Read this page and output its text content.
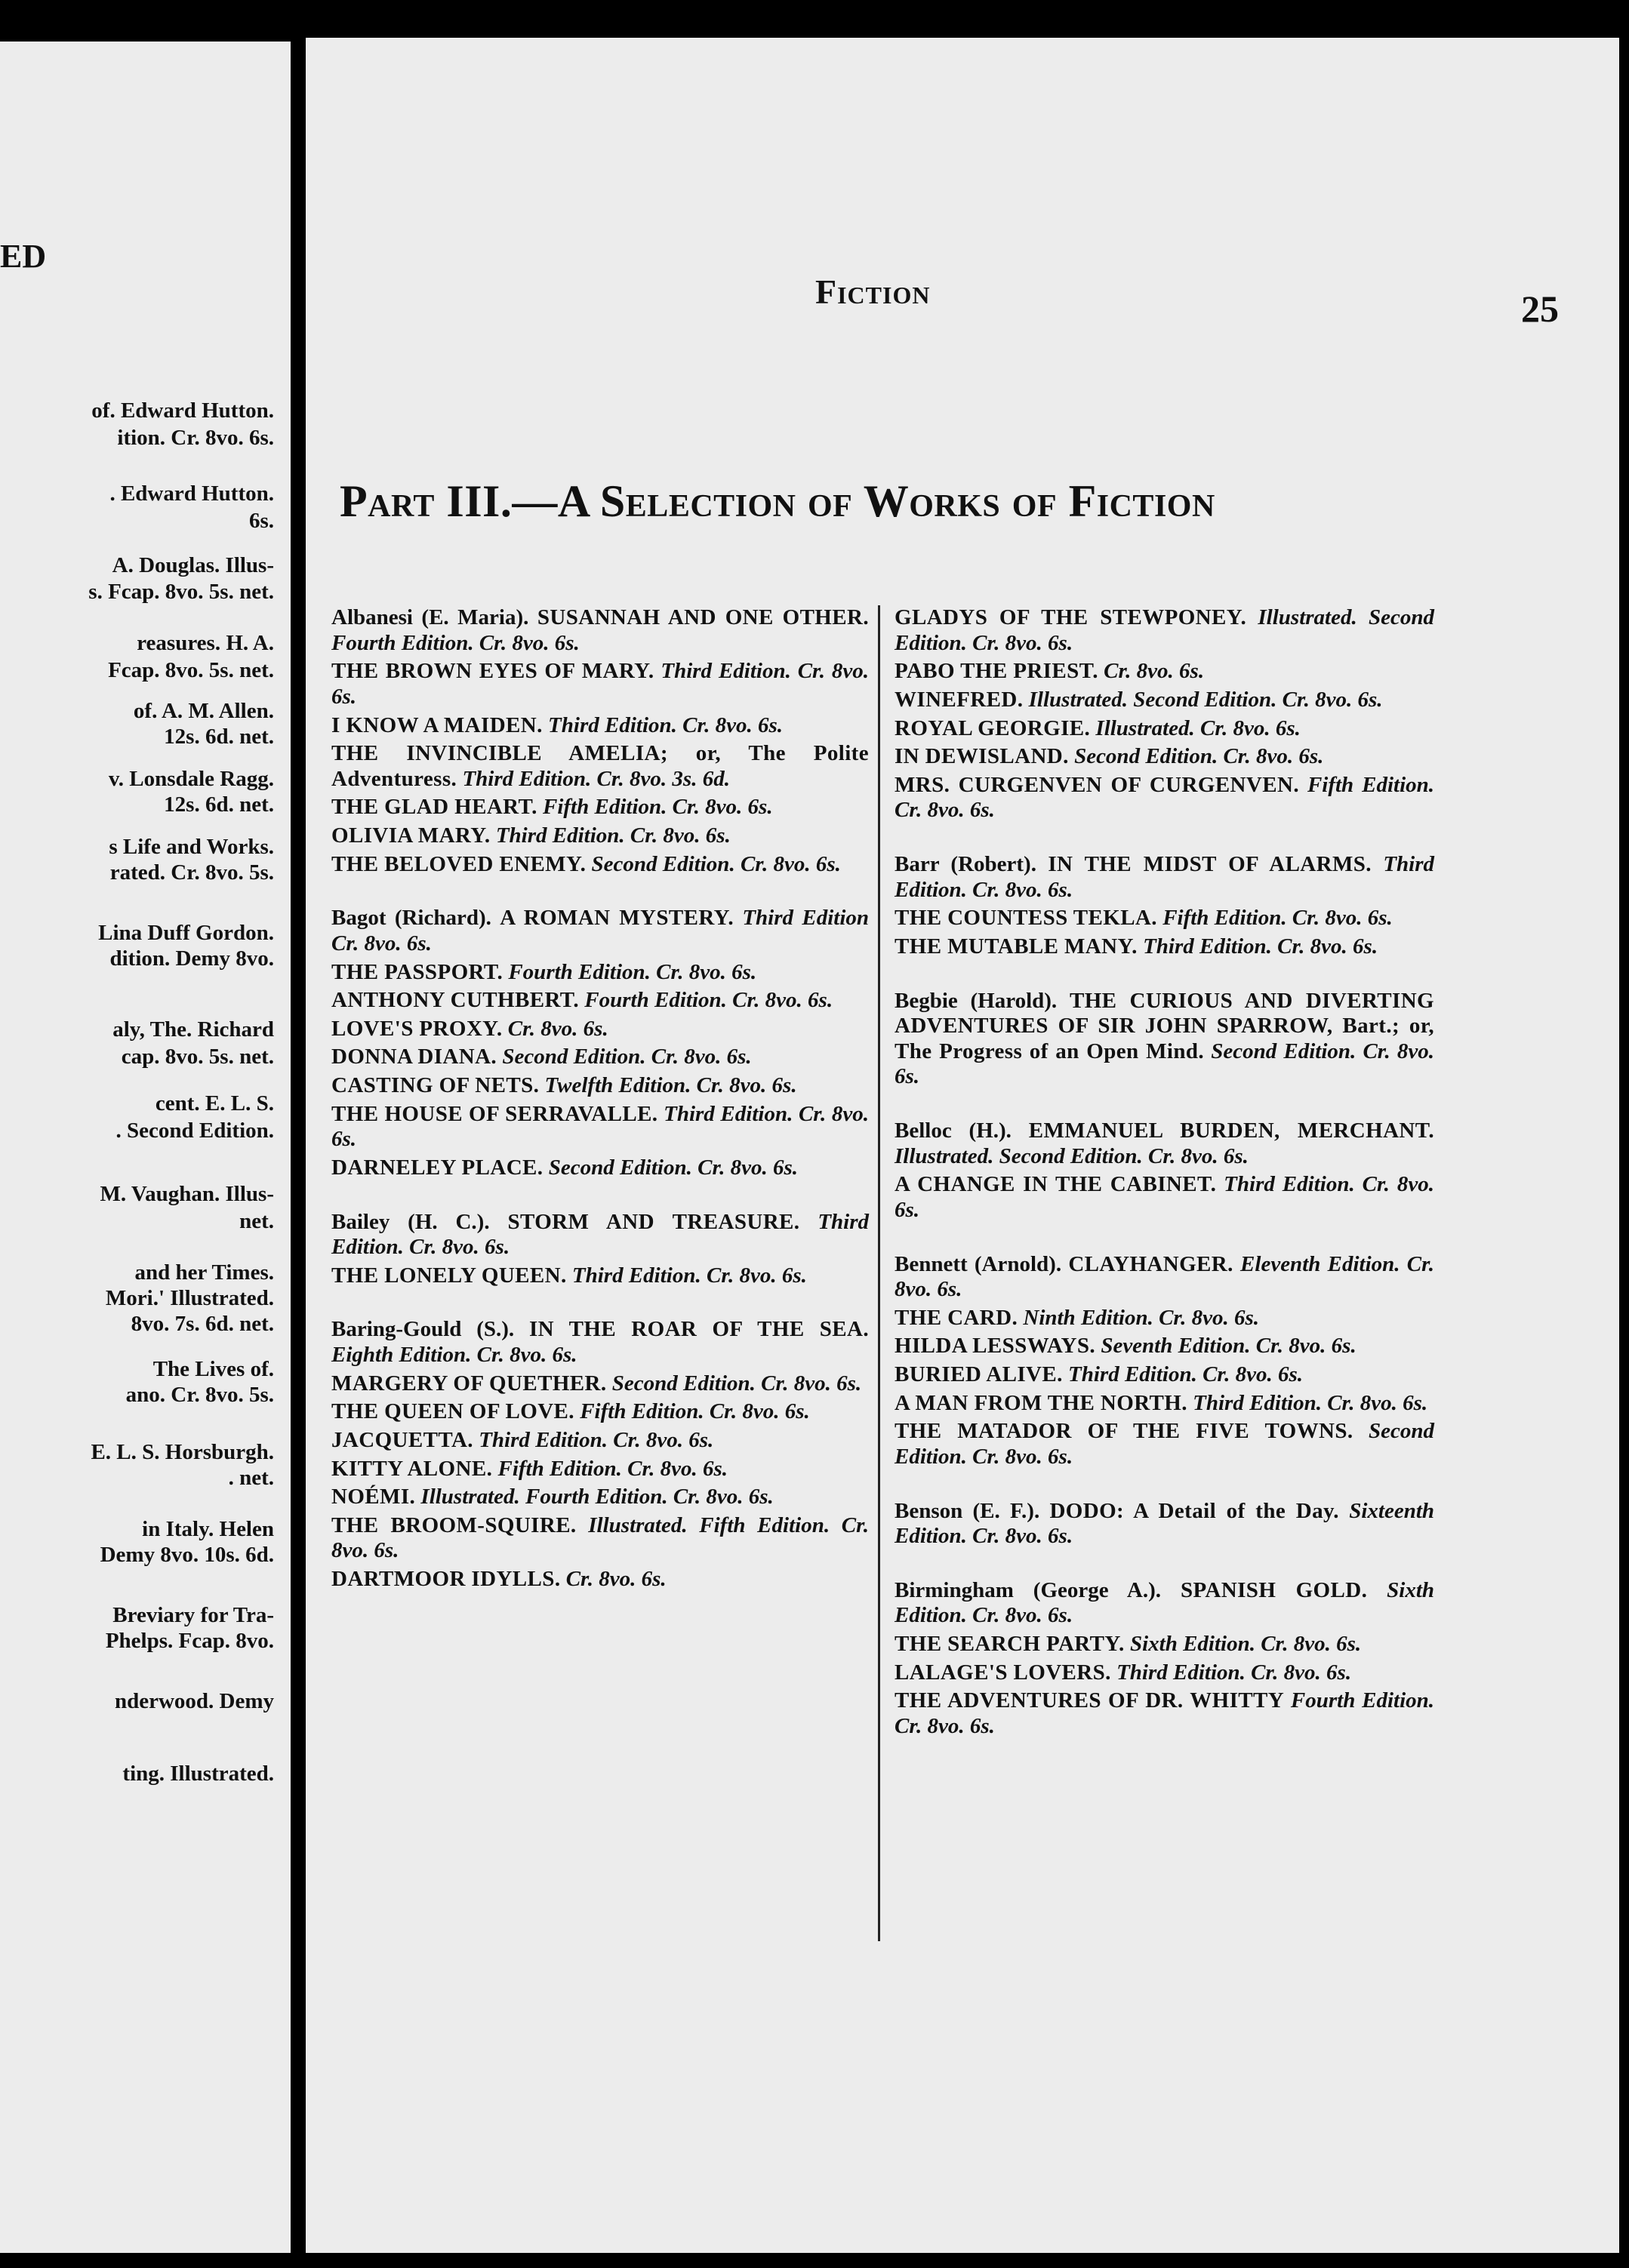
ED
of. Edward Hutton.
ition. Cr. 8vo. 6s.
. Edward Hutton.
6s.
A. Douglas. Illus-
s. Fcap. 8vo. 5s. net.
reasures. H. A.
Fcap. 8vo. 5s. net.
of. A. M. Allen.
12s. 6d. net.
v. Lonsdale Ragg.
12s. 6d. net.
s Life and Works.
rated. Cr. 8vo. 5s.
Lina Duff Gordon.
dition. Demy 8vo.
aly, The. Richard
cap. 8vo. 5s. net.
cent. E. L. S.
. Second Edition.
M. Vaughan. Illus-
net.
and her Times.
Mori.' Illustrated.
8vo. 7s. 6d. net.
The Lives of.
ano. Cr. 8vo. 5s.
E. L. S. Horsburgh.
. net.
in Italy. Helen
Demy 8vo. 10s. 6d.
Breviary for Tra-
Phelps. Fcap. 8vo.
nderwood. Demy
ting. Illustrated.
Fiction	25
Part III.—A Selection of Works of Fiction
Albanesi (E. Maria). SUSANNAH AND ONE OTHER. Fourth Edition. Cr. 8vo. 6s.
THE BROWN EYES OF MARY. Third Edition. Cr. 8vo. 6s.
I KNOW A MAIDEN. Third Edition. Cr. 8vo. 6s.
THE INVINCIBLE AMELIA; or, The Polite Adventuress. Third Edition. Cr. 8vo. 3s. 6d.
THE GLAD HEART. Fifth Edition. Cr. 8vo. 6s.
OLIVIA MARY. Third Edition. Cr. 8vo. 6s.
THE BELOVED ENEMY. Second Edition. Cr. 8vo. 6s.
Bagot (Richard). A ROMAN MYSTERY. Third Edition Cr. 8vo. 6s.
THE PASSPORT. Fourth Edition. Cr. 8vo. 6s.
ANTHONY CUTHBERT. Fourth Edition. Cr. 8vo. 6s.
LOVE'S PROXY. Cr. 8vo. 6s.
DONNA DIANA. Second Edition. Cr. 8vo. 6s.
CASTING OF NETS. Twelfth Edition. Cr. 8vo. 6s.
THE HOUSE OF SERRAVALLE. Third Edition. Cr. 8vo. 6s.
DARNELEY PLACE. Second Edition. Cr. 8vo. 6s.
Bailey (H. C.). STORM AND TREASURE. Third Edition. Cr. 8vo. 6s.
THE LONELY QUEEN. Third Edition. Cr. 8vo. 6s.
Baring-Gould (S.). IN THE ROAR OF THE SEA. Eighth Edition. Cr. 8vo. 6s.
MARGERY OF QUETHER. Second Edition. Cr. 8vo. 6s.
THE QUEEN OF LOVE. Fifth Edition. Cr. 8vo. 6s.
JACQUETTA. Third Edition. Cr. 8vo. 6s.
KITTY ALONE. Fifth Edition. Cr. 8vo. 6s.
NOÉMI. Illustrated. Fourth Edition. Cr. 8vo. 6s.
THE BROOM-SQUIRE. Illustrated. Fifth Edition. Cr. 8vo. 6s.
DARTMOOR IDYLLS. Cr. 8vo. 6s.
GLADYS OF THE STEWPONEY. Illustrated. Second Edition. Cr. 8vo. 6s.
PABO THE PRIEST. Cr. 8vo. 6s.
WINEFRED. Illustrated. Second Edition. Cr. 8vo. 6s.
ROYAL GEORGIE. Illustrated. Cr. 8vo. 6s.
IN DEWISLAND. Second Edition. Cr. 8vo. 6s.
MRS. CURGENVEN OF CURGENVEN. Fifth Edition. Cr. 8vo. 6s.
Barr (Robert). IN THE MIDST OF ALARMS. Third Edition. Cr. 8vo. 6s.
THE COUNTESS TEKLA. Fifth Edition. Cr. 8vo. 6s.
THE MUTABLE MANY. Third Edition. Cr. 8vo. 6s.
Begbie (Harold). THE CURIOUS AND DIVERTING ADVENTURES OF SIR JOHN SPARROW, Bart.; or, The Progress of an Open Mind. Second Edition. Cr. 8vo. 6s.
Belloc (H.). EMMANUEL BURDEN, MERCHANT. Illustrated. Second Edition. Cr. 8vo. 6s.
A CHANGE IN THE CABINET. Third Edition. Cr. 8vo. 6s.
Bennett (Arnold). CLAYHANGER. Eleventh Edition. Cr. 8vo. 6s.
THE CARD. Ninth Edition. Cr. 8vo. 6s.
HILDA LESSWAYS. Seventh Edition. Cr. 8vo. 6s.
BURIED ALIVE. Third Edition. Cr. 8vo. 6s.
A MAN FROM THE NORTH. Third Edition. Cr. 8vo. 6s.
THE MATADOR OF THE FIVE TOWNS. Second Edition. Cr. 8vo. 6s.
Benson (E. F.). DODO: A Detail of the Day. Sixteenth Edition. Cr. 8vo. 6s.
Birmingham (George A.). SPANISH GOLD. Sixth Edition. Cr. 8vo. 6s.
THE SEARCH PARTY. Sixth Edition. Cr. 8vo. 6s.
LALAGE'S LOVERS. Third Edition. Cr. 8vo. 6s.
THE ADVENTURES OF DR. WHITTY Fourth Edition. Cr. 8vo. 6s.
